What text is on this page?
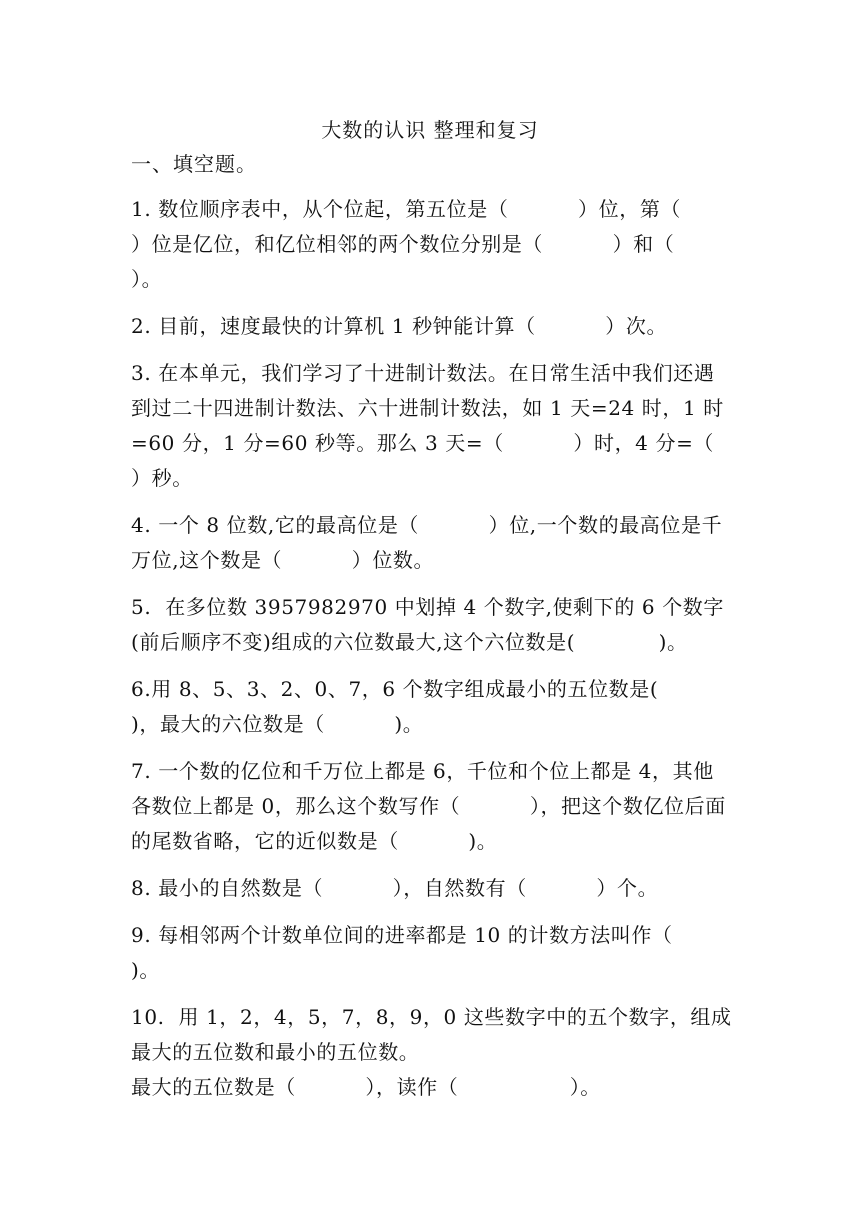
大数的认识 整理和复习
一、填空题。
1. 数位顺序表中，从个位起，第五位是（          ）位，第（          ）位是亿位，和亿位相邻的两个数位分别是（          ）和（          ）。
2. 目前，速度最快的计算机 1 秒钟能计算（          ）次。
3. 在本单元，我们学习了十进制计数法。在日常生活中我们还遇到过二十四进制计数法、六十进制计数法，如 1 天=24 时，1 时=60 分，1 分=60 秒等。那么 3 天=（          ）时，4 分=（          ）秒。
4. 一个 8 位数,它的最高位是（          ）位,一个数的最高位是千万位,这个数是（          ）位数。
5.  在多位数 3957982970 中划掉 4 个数字,使剩下的 6 个数字(前后顺序不变)组成的六位数最大,这个六位数是(            )。
6.用 8、5、3、2、0、7，6 个数字组成最小的五位数是(          )，最大的六位数是（          )。
7. 一个数的亿位和千万位上都是 6，千位和个位上都是 4，其他各数位上都是 0，那么这个数写作（          ），把这个数亿位后面的尾数省略，它的近似数是（          )。
8. 最小的自然数是（          ），自然数有（          ）个。
9. 每相邻两个计数单位间的进率都是 10 的计数方法叫作（          )。
10.  用 1，2，4，5，7，8，9，0 这些数字中的五个数字，组成最大的五位数和最小的五位数。
最大的五位数是（          ），读作（                ）。
